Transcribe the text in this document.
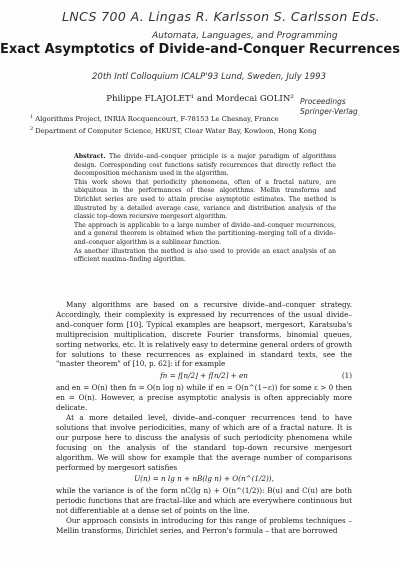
LNCS 700 A. Lingas R. Karlsson S. Carlsson Eds.
Automata, Languages, and Programming
20th Intl Colloquium ICALP'93 Lund, Sweden, July 1993
Proceedings Springer-Verlag
Exact Asymptotics of Divide-and-Conquer Recurrences

Philippe FLAJOLET¹ and Mordecai GOLIN²

$^1$ Algorithms Project, INRIA Rocquencourt, F-78153 Le Chesnay, France
$^2$ Department of Computer Science, HKUST, Clear Water Bay, Kowloon, Hong Kong

Abstract. The divide–and–conquer principle is a major paradigm of algorithms design. Corresponding cost functions satisfy recurrences that directly reflect the decomposition mechanism used in the algorithm.

This work shows that periodicity phenomena, often of a fractal nature, are ubiquitous in the performances of these algorithms. Mellin transforms and Dirichlet series are used to attain precise asymptotic estimates. The method is illustrated by a detailed average case, variance and distribution analysis of the classic top–down recursive mergesort algorithm.

The approach is applicable to a large number of divide–and–conquer recurrences, and a general theorem is obtained when the partitioning–merging toll of a divide–and–conquer algorithm is a sublinear function.

As another illustration the method is also used to provide an exact analysis of an efficient maxima–finding algorithm.

Many algorithms are based on a recursive divide–and–conquer strategy. Accordingly, their complexity is expressed by recurrences of the usual divide–and–conquer form [10]. Typical examples are heapsort, mergesort, Karatsuba's multiprecision multiplication, discrete Fourier transforms, binomial queues, sorting networks, etc. It is relatively easy to determine general orders of growth for solutions to these recurrences as explained in standard texts, see the "master theorem" of [10, p. 62]: if for example

fn = f⌊n/2⌋ + f⌈n/2⌉ + en	(1)

and en = O(n) then fn = O(n log n) while if en = O(n^(1−ε)) for some ε > 0 then en = O(n). However, a precise asymptotic analysis is often appreciably more delicate.

At a more detailed level, divide–and–conquer recurrences tend to have solutions that involve periodicities, many of which are of a fractal nature. It is our purpose here to discuss the analysis of such periodicity phenomena while focusing on the analysis of the standard top–down recursive mergesort algorithm. We will show for example that the average number of comparisons performed by mergesort satisfies

U(n) = n lg n + nB(lg n) + O(n^(1/2)),

while the variance is of the form nC(lg n) + O(n^(1/2)): B(u) and C(u) are both periodic functions that are fractal–like and which are everywhere continuous but not differentiable at a dense set of points on the line.

Our approach consists in introducing for this range of problems techniques – Mellin transforms, Dirichlet series, and Perron's formula – that are borrowed
